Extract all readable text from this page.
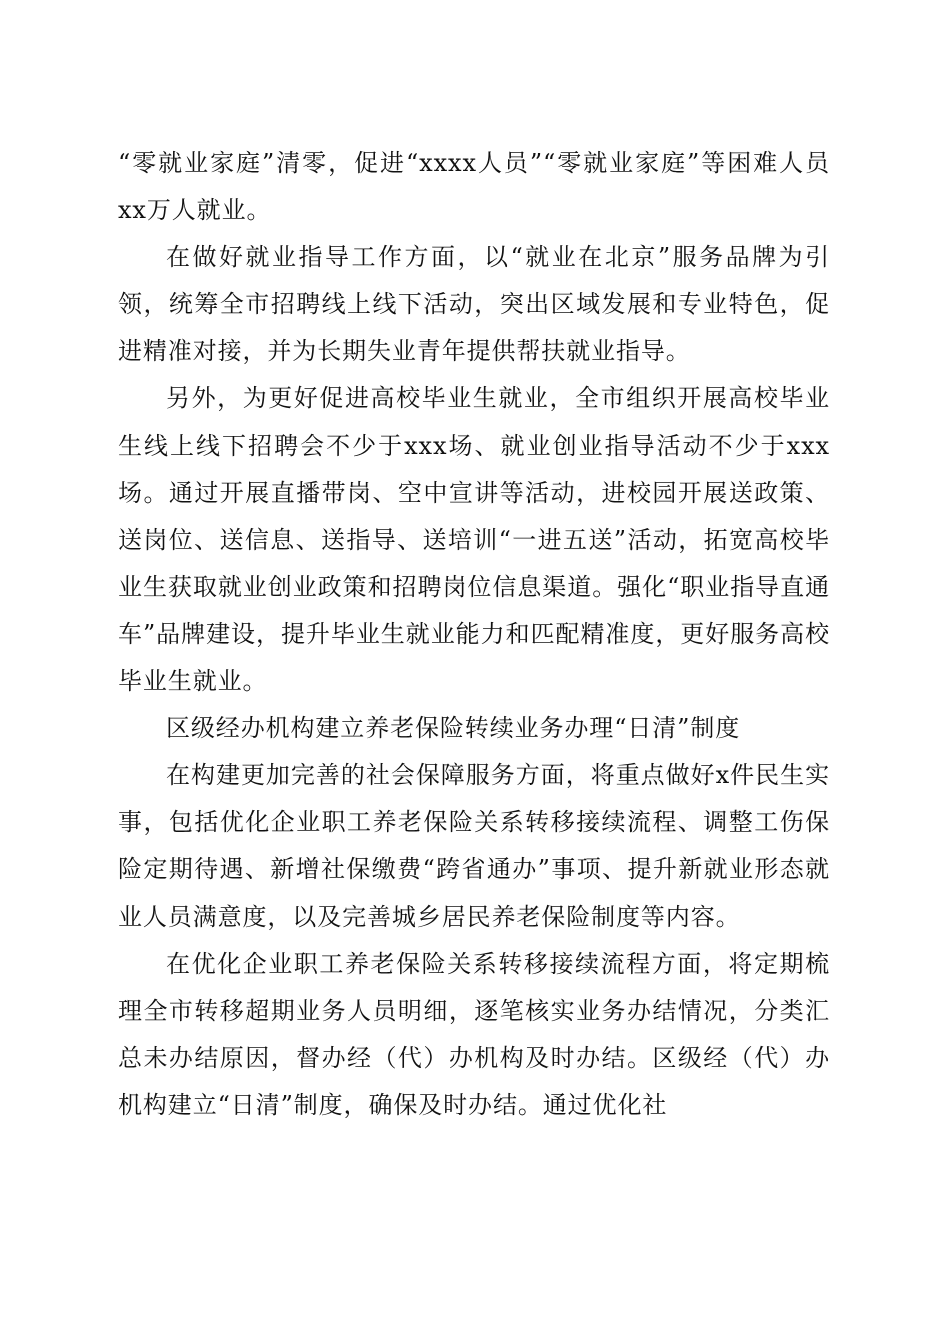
“零就业家庭”清零，促进“xxxx人员”“零就业家庭”等困难人员xx万人就业。

在做好就业指导工作方面，以“就业在北京”服务品牌为引领，统筹全市招聘线上线下活动，突出区域发展和专业特色，促进精准对接，并为长期失业青年提供帮扶就业指导。

另外，为更好促进高校毕业生就业，全市组织开展高校毕业生线上线下招聘会不少于xxx场、就业创业指导活动不少于xxx场。通过开展直播带岗、空中宣讲等活动，进校园开展送政策、送岗位、送信息、送指导、送培训“一进五送”活动，拓宽高校毕业生获取就业创业政策和招聘岗位信息渠道。强化“职业指导直通车”品牌建设，提升毕业生就业能力和匹配精准度，更好服务高校毕业生就业。

区级经办机构建立养老保险转续业务办理“日清”制度

在构建更加完善的社会保障服务方面，将重点做好x件民生实事，包括优化企业职工养老保险关系转移接续流程、调整工伤保险定期待遇、新增社保缴费“跨省通办”事项、提升新就业形态就业人员满意度，以及完善城乡居民养老保险制度等内容。

在优化企业职工养老保险关系转移接续流程方面，将定期梳理全市转移超期业务人员明细，逐笔核实业务办结情况，分类汇总未办结原因，督办经（代）办机构及时办结。区级经（代）办机构建立“日清”制度，确保及时办结。通过优化社
